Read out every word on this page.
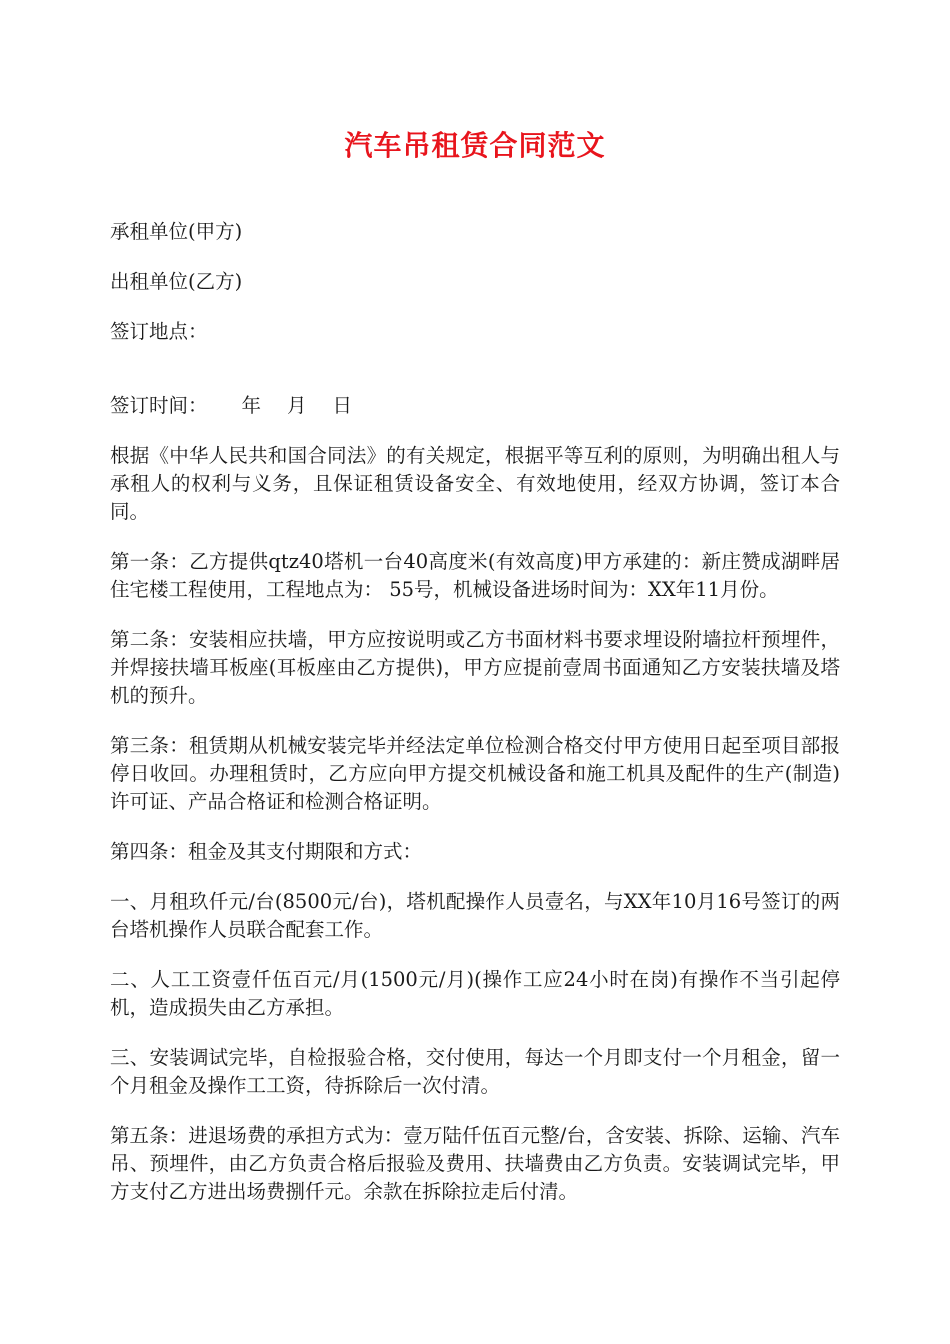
汽车吊租赁合同范文

承租单位(甲方)

出租单位(乙方)

签订地点：

签订时间： 年 月 日

根据《中华人民共和国合同法》的有关规定，根据平等互利的原则，为明确出租人与承租人的权利与义务，且保证租赁设备安全、有效地使用，经双方协调，签订本合同。

第一条：乙方提供qtz40塔机一台40高度米(有效高度)甲方承建的：新庄赞成湖畔居住宅楼工程使用，工程地点为： 55号，机械设备进场时间为：XX年11月份。

第二条：安装相应扶墙，甲方应按说明或乙方书面材料书要求埋设附墙拉杆预埋件，并焊接扶墙耳板座(耳板座由乙方提供)，甲方应提前壹周书面通知乙方安装扶墙及塔机的预升。

第三条：租赁期从机械安装完毕并经法定单位检测合格交付甲方使用日起至项目部报停日收回。办理租赁时，乙方应向甲方提交机械设备和施工机具及配件的生产(制造)许可证、产品合格证和检测合格证明。

第四条：租金及其支付期限和方式：

一、月租玖仟元/台(8500元/台)，塔机配操作人员壹名，与XX年10月16号签订的两台塔机操作人员联合配套工作。

二、人工工资壹仟伍百元/月(1500元/月)(操作工应24小时在岗)有操作不当引起停机，造成损失由乙方承担。

三、安装调试完毕，自检报验合格，交付使用，每达一个月即支付一个月租金，留一个月租金及操作工工资，待拆除后一次付清。

第五条：进退场费的承担方式为：壹万陆仟伍百元整/台，含安装、拆除、运输、汽车吊、预埋件，由乙方负责合格后报验及费用、扶墙费由乙方负责。安装调试完毕，甲方支付乙方进出场费捌仟元。余款在拆除拉走后付清。
